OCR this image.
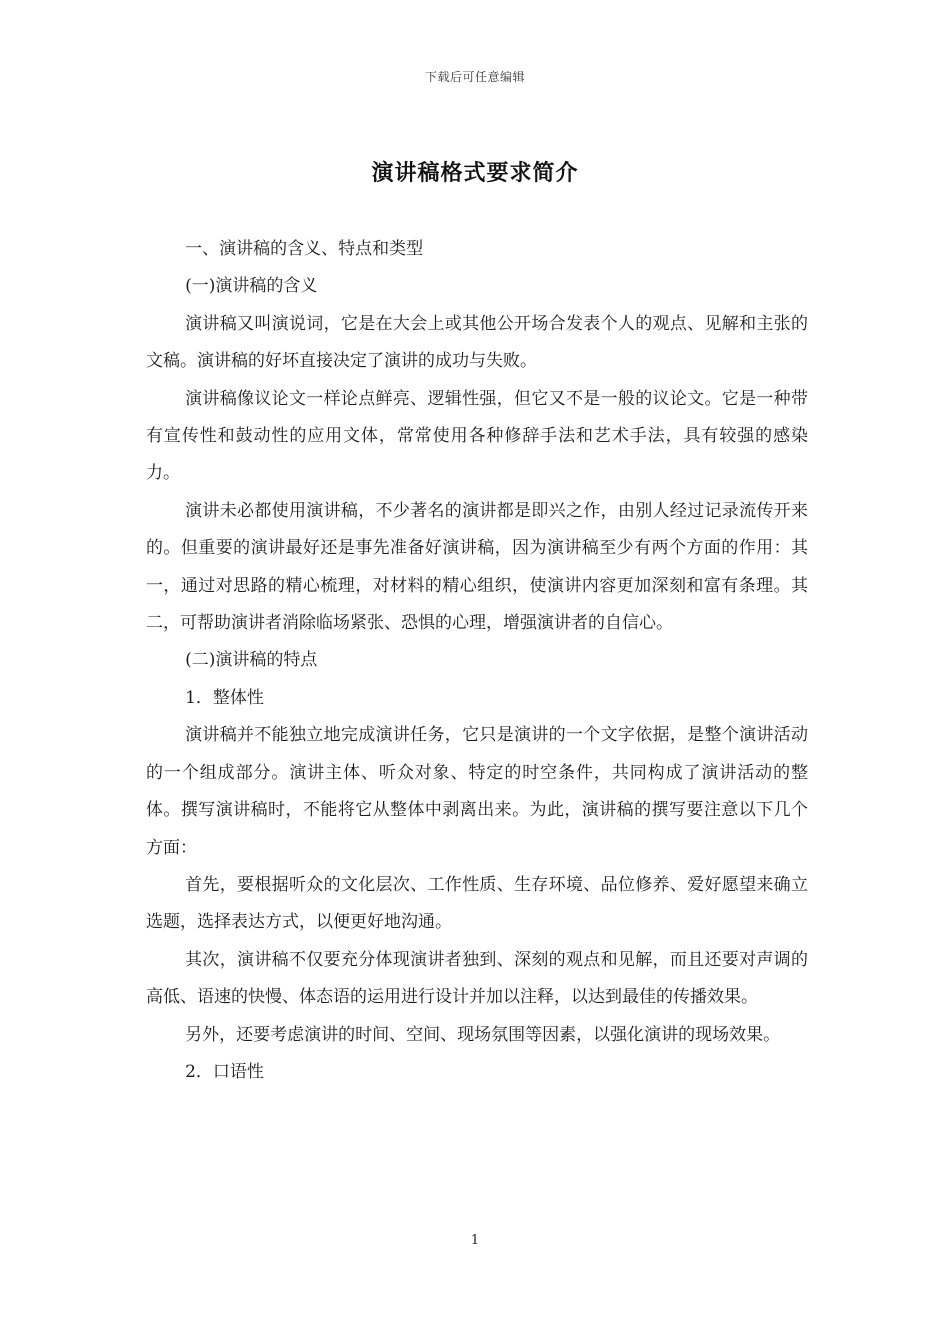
下载后可任意编辑
演讲稿格式要求简介

一、演讲稿的含义、特点和类型

(一)演讲稿的含义

演讲稿又叫演说词，它是在大会上或其他公开场合发表个人的观点、见解和主张的文稿。演讲稿的好坏直接决定了演讲的成功与失败。

演讲稿像议论文一样论点鲜亮、逻辑性强，但它又不是一般的议论文。它是一种带有宣传性和鼓动性的应用文体，常常使用各种修辞手法和艺术手法，具有较强的感染力。

演讲未必都使用演讲稿，不少著名的演讲都是即兴之作，由别人经过记录流传开来的。但重要的演讲最好还是事先准备好演讲稿，因为演讲稿至少有两个方面的作用：其一，通过对思路的精心梳理，对材料的精心组织，使演讲内容更加深刻和富有条理。其二，可帮助演讲者消除临场紧张、恐惧的心理，增强演讲者的自信心。

(二)演讲稿的特点

1．整体性

演讲稿并不能独立地完成演讲任务，它只是演讲的一个文字依据，是整个演讲活动的一个组成部分。演讲主体、听众对象、特定的时空条件，共同构成了演讲活动的整体。撰写演讲稿时，不能将它从整体中剥离出来。为此，演讲稿的撰写要注意以下几个方面：

首先，要根据听众的文化层次、工作性质、生存环境、品位修养、爱好愿望来确立选题，选择表达方式，以便更好地沟通。

其次，演讲稿不仅要充分体现演讲者独到、深刻的观点和见解，而且还要对声调的高低、语速的快慢、体态语的运用进行设计并加以注释，以达到最佳的传播效果。

另外，还要考虑演讲的时间、空间、现场氛围等因素，以强化演讲的现场效果。

2．口语性

1
